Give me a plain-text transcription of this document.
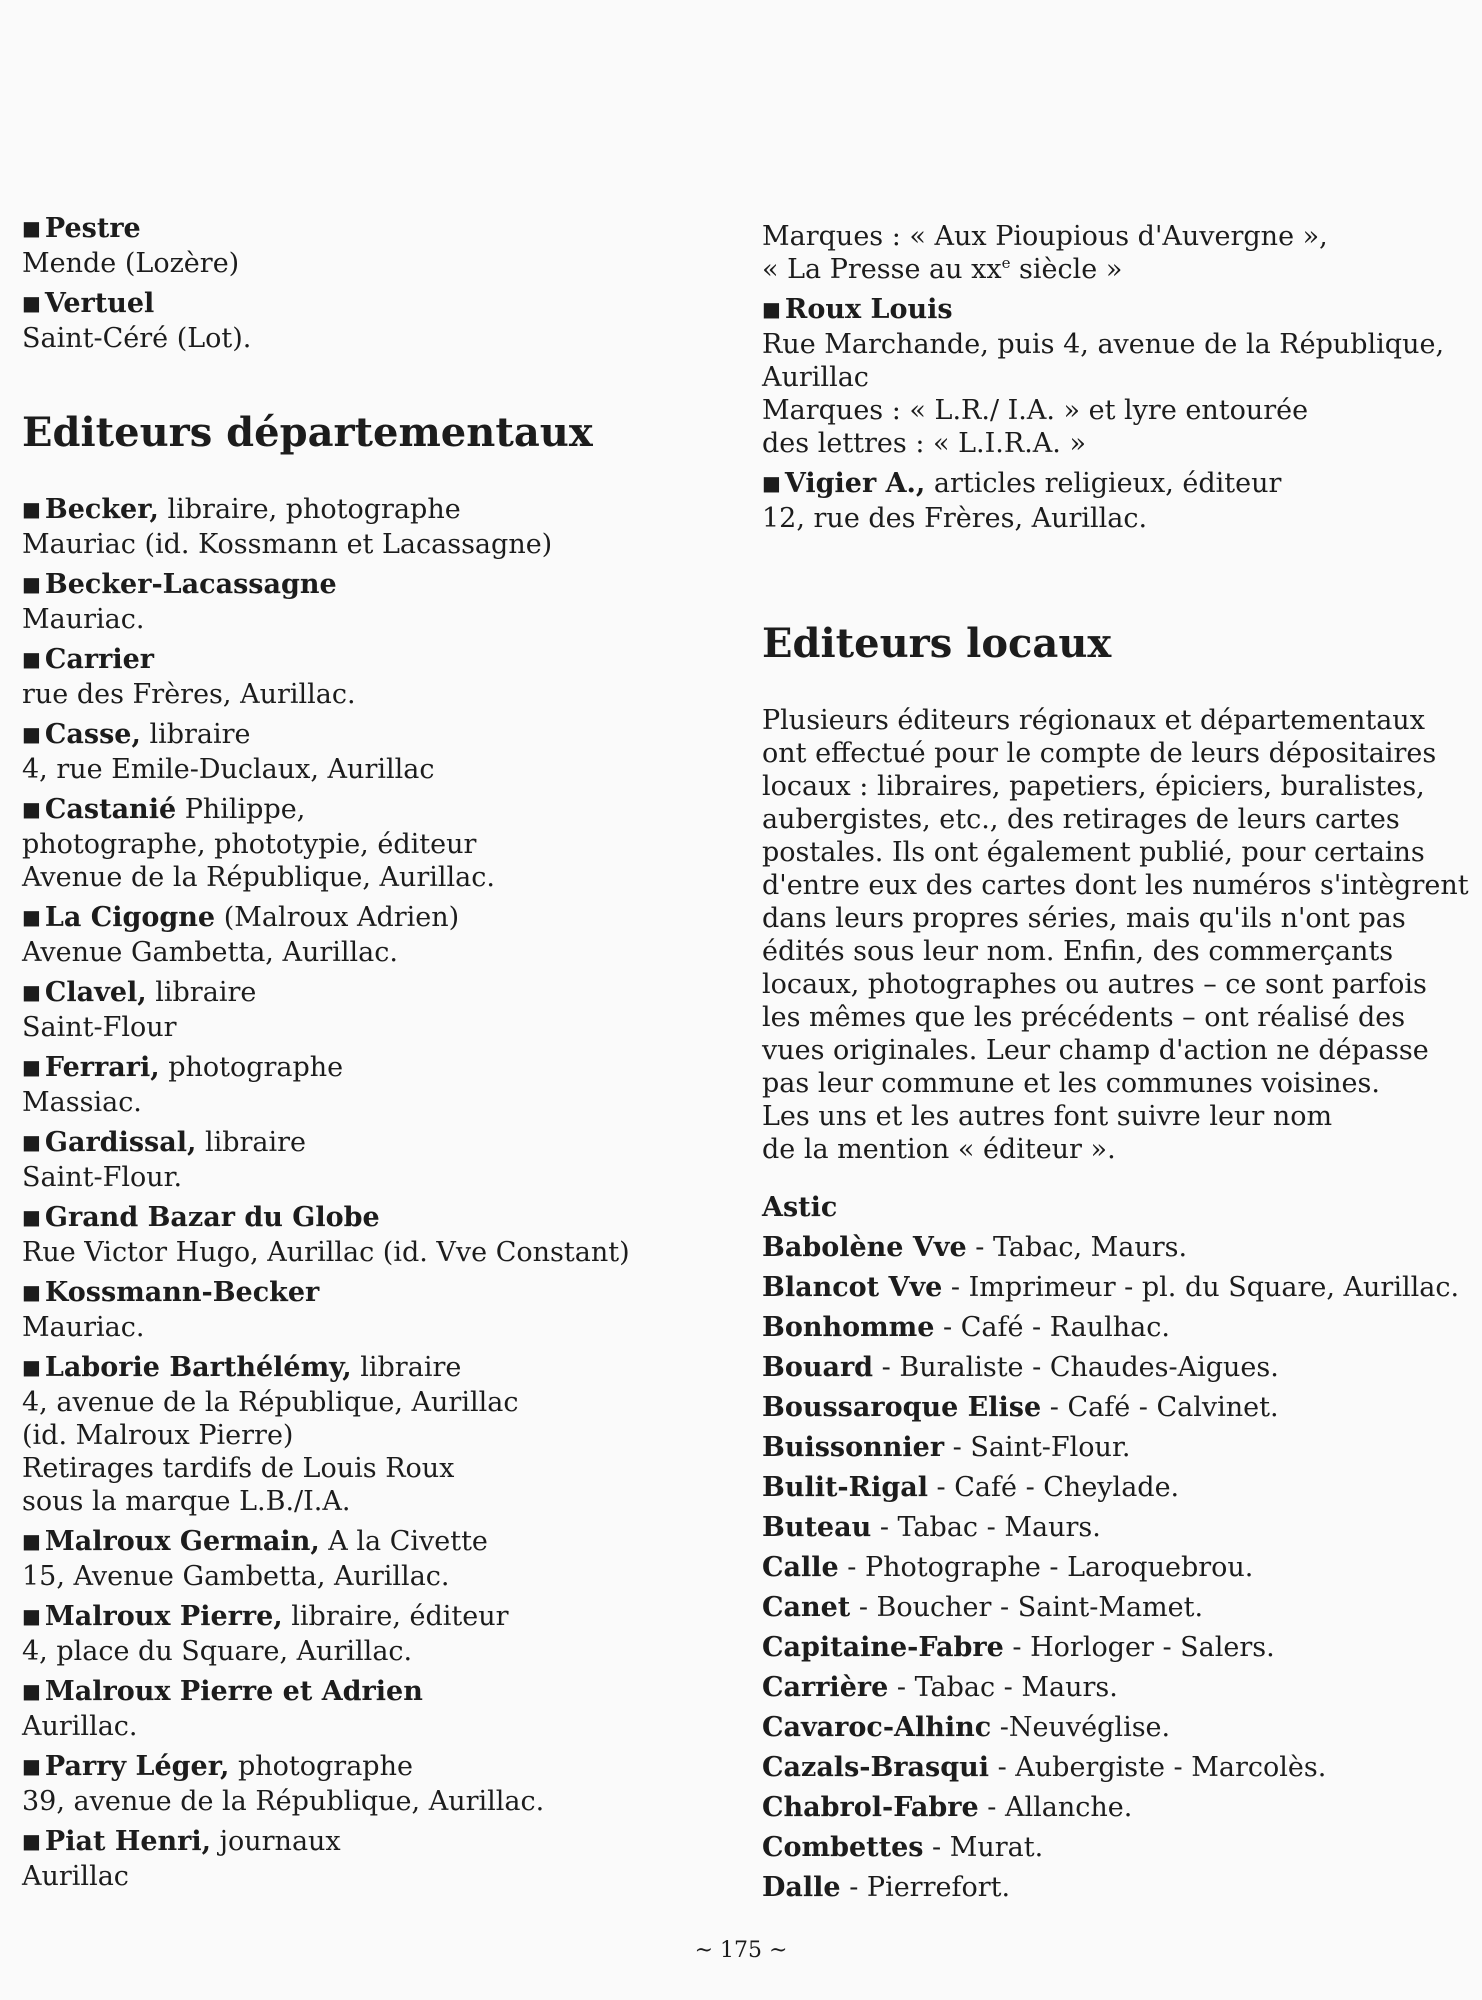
■ Pestre
Mende (Lozère)
■ Vertuel
Saint-Céré (Lot).
Editeurs départementaux
■ Becker, libraire, photographe
Mauriac (id. Kossmann et Lacassagne)
■ Becker-Lacassagne
Mauriac.
■ Carrier
rue des Frères, Aurillac.
■ Casse, libraire
4, rue Emile-Duclaux, Aurillac
■ Castanié Philippe,
photographe, phototypie, éditeur
Avenue de la République, Aurillac.
■ La Cigogne (Malroux Adrien)
Avenue Gambetta, Aurillac.
■ Clavel, libraire
Saint-Flour
■ Ferrari, photographe
Massiac.
■ Gardissal, libraire
Saint-Flour.
■ Grand Bazar du Globe
Rue Victor Hugo, Aurillac (id. Vve Constant)
■ Kossmann-Becker
Mauriac.
■ Laborie Barthélémy, libraire
4, avenue de la République, Aurillac
(id. Malroux Pierre)
Retirages tardifs de Louis Roux
sous la marque L.B./I.A.
■ Malroux Germain, A la Civette
15, Avenue Gambetta, Aurillac.
■ Malroux Pierre, libraire, éditeur
4, place du Square, Aurillac.
■ Malroux Pierre et Adrien
Aurillac.
■ Parry Léger, photographe
39, avenue de la République, Aurillac.
■ Piat Henri, journaux
Aurillac
Marques : « Aux Pioupious d'Auvergne »,
« La Presse au $xx^e$ siècle »
■ Roux Louis
Rue Marchande, puis 4, avenue de la République,
Aurillac
Marques : « L.R./ I.A. » et lyre entourée
des lettres : « L.I.R.A. »
■ Vigier A., articles religieux, éditeur
12, rue des Frères, Aurillac.
Editeurs locaux
Plusieurs éditeurs régionaux et départementaux
ont effectué pour le compte de leurs dépositaires
locaux : libraires, papetiers, épiciers, buralistes,
aubergistes, etc., des retirages de leurs cartes
postales. Ils ont également publié, pour certains
d'entre eux des cartes dont les numéros s'intègrent
dans leurs propres séries, mais qu'ils n'ont pas
édités sous leur nom. Enfin, des commerçants
locaux, photographes ou autres – ce sont parfois
les mêmes que les précédents – ont réalisé des
vues originales. Leur champ d'action ne dépasse
pas leur commune et les communes voisines.
Les uns et les autres font suivre leur nom
de la mention « éditeur ».
Astic
Babolène Vve - Tabac, Maurs.
Blancot Vve - Imprimeur - pl. du Square, Aurillac.
Bonhomme - Café - Raulhac.
Bouard - Buraliste - Chaudes-Aigues.
Boussaroque Elise - Café - Calvinet.
Buissonnier - Saint-Flour.
Bulit-Rigal - Café - Cheylade.
Buteau - Tabac - Maurs.
Calle - Photographe - Laroquebrou.
Canet - Boucher - Saint-Mamet.
Capitaine-Fabre - Horloger - Salers.
Carrière - Tabac - Maurs.
Cavaroc-Alhinc -Neuvéglise.
Cazals-Brasqui - Aubergiste - Marcolès.
Chabrol-Fabre - Allanche.
Combettes - Murat.
Dalle - Pierrefort.
~ 175 ~
